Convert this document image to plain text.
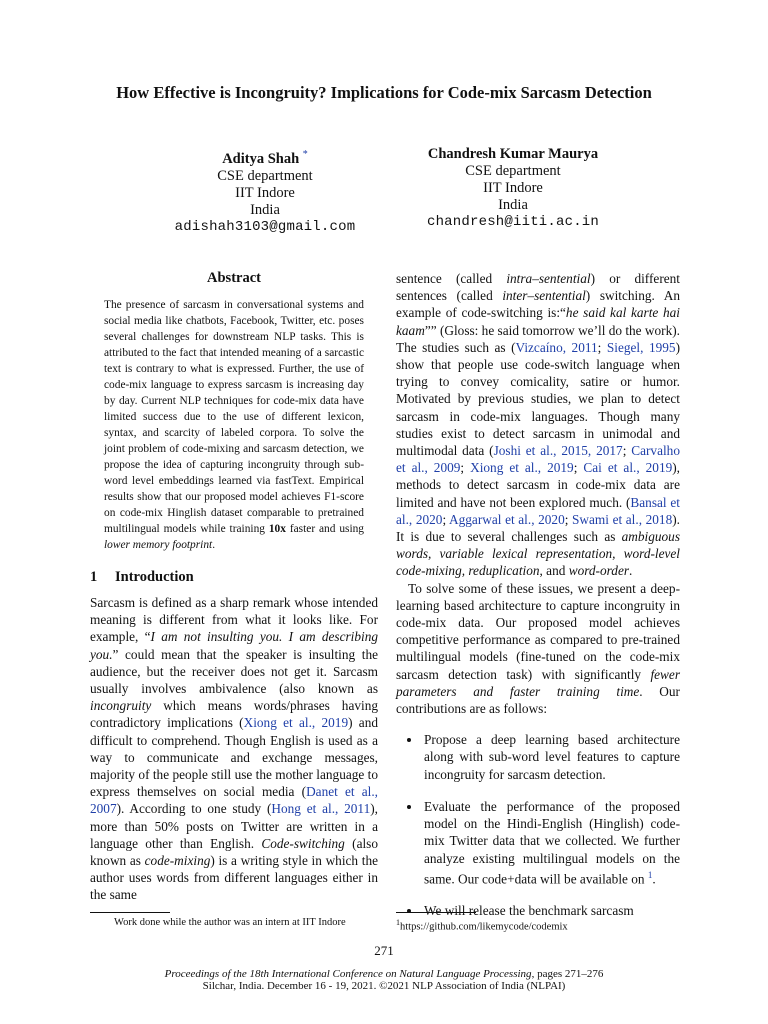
How Effective is Incongruity? Implications for Code-mix Sarcasm Detection
Aditya Shah *
CSE department
IIT Indore
India
adishah3103@gmail.com
Chandresh Kumar Maurya
CSE department
IIT Indore
India
chandresh@iiti.ac.in
Abstract
The presence of sarcasm in conversational systems and social media like chatbots, Facebook, Twitter, etc. poses several challenges for downstream NLP tasks. This is attributed to the fact that intended meaning of a sarcastic text is contrary to what is expressed. Further, the use of code-mix language to express sarcasm is increasing day by day. Current NLP techniques for code-mix data have limited success due to the use of different lexicon, syntax, and scarcity of labeled corpora. To solve the joint problem of code-mixing and sarcasm detection, we propose the idea of capturing incongruity through sub-word level embeddings learned via fastText. Empirical results show that our proposed model achieves F1-score on code-mix Hinglish dataset comparable to pretrained multilingual models while training 10x faster and using lower memory footprint.
1 Introduction

Sarcasm is defined as a sharp remark whose intended meaning is different from what it looks like. For example, “I am not insulting you. I am describing you.” could mean that the speaker is insulting the audience, but the receiver does not get it. Sarcasm usually involves ambivalence (also known as incongruity which means words/phrases having contradictory implications (Xiong et al., 2019) and difficult to comprehend. Though English is used as a way to communicate and exchange messages, majority of the people still use the mother language to express themselves on social media (Danet et al., 2007). According to one study (Hong et al., 2011), more than 50% posts on Twitter are written in a language other than English. Code-switching (also known as code-mixing) is a writing style in which the author uses words from different languages either in the same

sentence (called intra–sentential) or different sentences (called inter–sentential) switching. An example of code-switching is:“he said kal karte hai kaam”” (Gloss: he said tomorrow we’ll do the work). The studies such as (Vizcaíno, 2011; Siegel, 1995) show that people use code-switch language when trying to convey comicality, satire or humor. Motivated by previous studies, we plan to detect sarcasm in code-mix languages. Though many studies exist to detect sarcasm in unimodal and multimodal data (Joshi et al., 2015, 2017; Carvalho et al., 2009; Xiong et al., 2019; Cai et al., 2019), methods to detect sarcasm in code-mix data are limited and have not been explored much. (Bansal et al., 2020; Aggarwal et al., 2020; Swami et al., 2018). It is due to several challenges such as ambiguous words, variable lexical representation, word-level code-mixing, reduplication, and word-order.

To solve some of these issues, we present a deep-learning based architecture to capture incongruity in code-mix data. Our proposed model achieves competitive performance as compared to pre-trained multilingual models (fine-tuned on the code-mix sarcasm detection task) with significantly fewer parameters and faster training time. Our contributions are as follows:

• Propose a deep learning based architecture along with sub-word level features to capture incongruity for sarcasm detection.
• Evaluate the performance of the proposed model on the Hindi-English (Hinglish) code-mix Twitter data that we collected. We further analyze existing multilingual models on the same. Our code+data will be available on $^1$.
• We will release the benchmark sarcasm
Work done while the author was an intern at IIT Indore	$^1$https://github.com/likemycode/codemix
271
Proceedings of the 18th International Conference on Natural Language Processing, pages 271–276
Silchar, India. December 16 - 19, 2021. ©2021 NLP Association of India (NLPAI)
